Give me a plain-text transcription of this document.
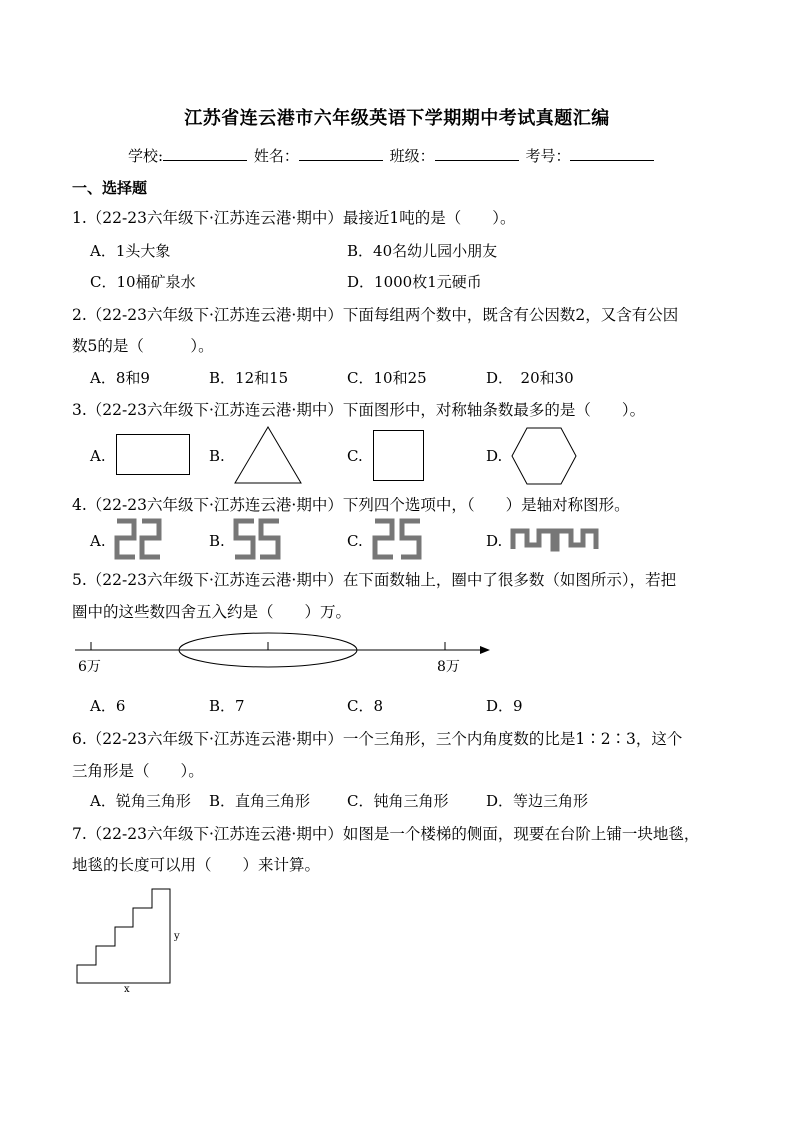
江苏省连云港市六年级英语下学期期中考试真题汇编
学校:	姓名：	班级：	考号：
一、选择题
1.（22-23六年级下·江苏连云港·期中）最接近1吨的是（　　）。
A．1头大象	B．40名幼儿园小朋友
C．10桶矿泉水	D．1000枚1元硬币
2.（22-23六年级下·江苏连云港·期中）下面每组两个数中，既含有公因数2，又含有公因
数5的是（　　　）。
A．8和9	B．12和15	C．10和25	D．　20和30
3.（22-23六年级下·江苏连云港·期中）下面图形中，对称轴条数最多的是（　　）。
A.	B.	C.	D.
4.（22-23六年级下·江苏连云港·期中）下列四个选项中，（　　）是轴对称图形。
A.	B.	C.	D.
5.（22-23六年级下·江苏连云港·期中）在下面数轴上，圈中了很多数（如图所示），若把
圈中的这些数四舍五入约是（　　）万。
6万	8万
A．6	B．7	C．8	D．9
6.（22-23六年级下·江苏连云港·期中）一个三角形，三个内角度数的比是1∶2∶3，这个
三角形是（　　）。
A．锐角三角形 B．直角三角形 C．钝角三角形	D．等边三角形
7.（22-23六年级下·江苏连云港·期中）如图是一个楼梯的侧面，现要在台阶上铺一块地毯，
地毯的长度可以用（　　）来计算。
y
x
